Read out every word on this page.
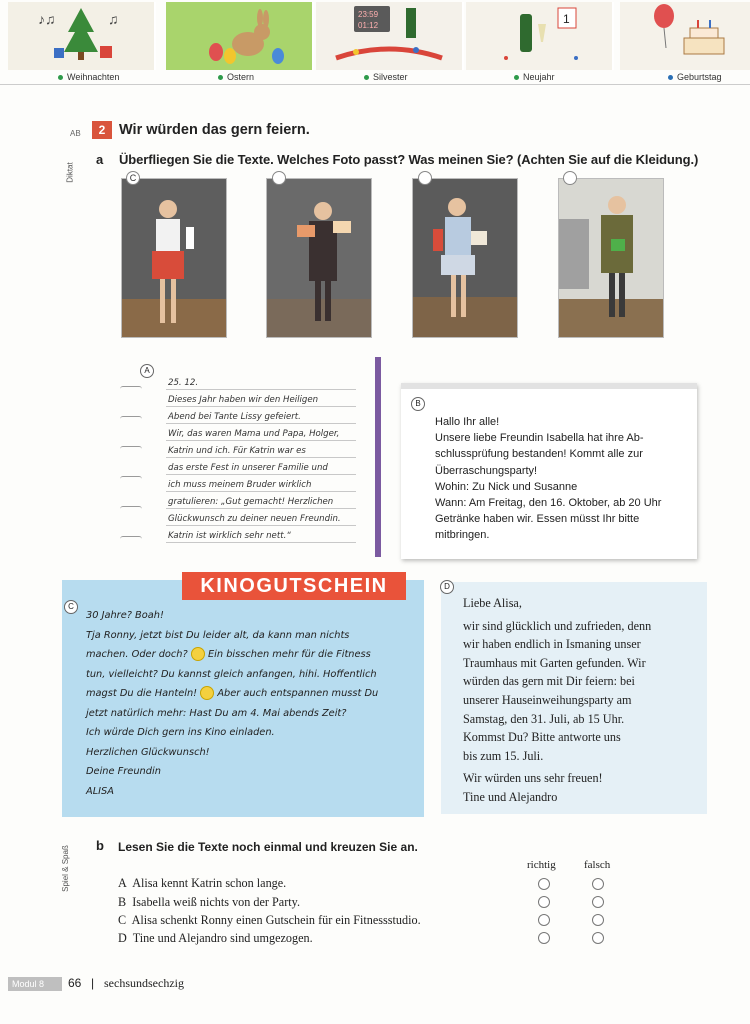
♪♫	♫	23:59
01:12	1
Weihnachten	Ostern	Silvester	Neujahr	Geburtstag
AB	2 Wir würden das gern feiern.
Diktat
a Überfliegen Sie die Texte. Welches Foto passt? Was meinen Sie? (Achten Sie auf die Kleidung.)
C
A
25. 12.
Dieses Jahr haben wir den Heiligen
Abend bei Tante Lissy gefeiert.
Wir, das waren Mama und Papa, Holger,
Katrin und ich. Für Katrin war es
das erste Fest in unserer Familie und
ich muss meinem Bruder wirklich
gratulieren: „Gut gemacht! Herzlichen
Glückwunsch zu deiner neuen Freundin.
Katrin ist wirklich sehr nett.“
B
Hallo Ihr alle!
Unsere liebe Freundin Isabella hat ihre Ab-
schlussprüfung bestanden! Kommt alle zur
Überraschungsparty!
Wohin: Zu Nick und Susanne
Wann: Am Freitag, den 16. Oktober, ab 20 Uhr
Getränke haben wir. Essen müsst Ihr bitte
mitbringen.
KINOGUTSCHEIN
C
30 Jahre? Boah!
Tja Ronny, jetzt bist Du leider alt, da kann man nichts
machen. Oder doch? Ein bisschen mehr für die Fitness
tun, vielleicht? Du kannst gleich anfangen, hihi. Hoffentlich
magst Du die Hanteln! Aber auch entspannen musst Du
jetzt natürlich mehr: Hast Du am 4. Mai abends Zeit?
Ich würde Dich gern ins Kino einladen.
Herzlichen Glückwunsch!
Deine Freundin
ALISA
D
Liebe Alisa,
wir sind glücklich und zufrieden, denn
wir haben endlich in Ismaning unser
Traumhaus mit Garten gefunden. Wir
würden das gern mit Dir feiern: bei
unserer Hauseinweihungsparty am
Samstag, den 31. Juli, ab 15 Uhr.
Kommst Du? Bitte antworte uns
bis zum 15. Juli.
Wir würden uns sehr freuen!
Tine und Alejandro
Spiel & Spaß b Lesen Sie die Texte noch einmal und kreuzen Sie an.
richtig	falsch
A Alisa kennt Katrin schon lange.
B Isabella weiß nichts von der Party.
C Alisa schenkt Ronny einen Gutschein für ein Fitnessstudio.
D Tine und Alejandro sind umgezogen.
Modul 8	66 | sechsundsechzig
